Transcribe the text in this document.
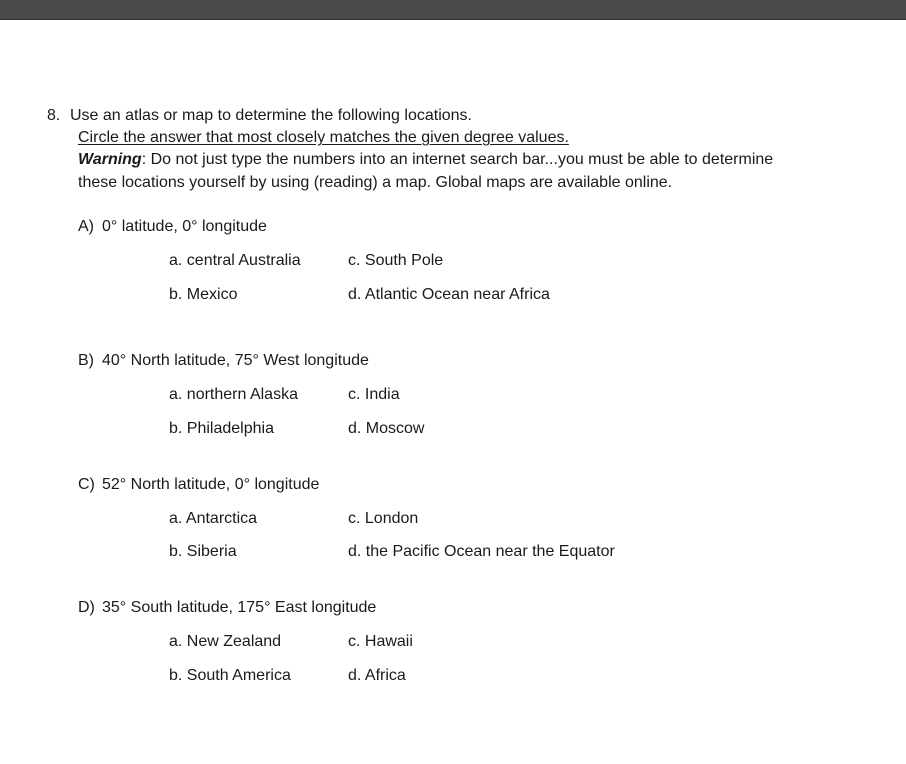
8. Use an atlas or map to determine the following locations.
Circle the answer that most closely matches the given degree values.
Warning: Do not just type the numbers into an internet search bar...you must be able to determine
these locations yourself by using (reading) a map. Global maps are available online.
A) 0° latitude, 0° longitude
a. central Australia	c. South Pole
b. Mexico	d. Atlantic Ocean near Africa
B) 40° North latitude, 75° West longitude
a. northern Alaska	c. India
b. Philadelphia	d. Moscow
C) 52° North latitude, 0° longitude
a. Antarctica	c. London
b. Siberia	d. the Pacific Ocean near the Equator
D) 35° South latitude, 175° East longitude
a. New Zealand	c. Hawaii
b. South America	d. Africa
